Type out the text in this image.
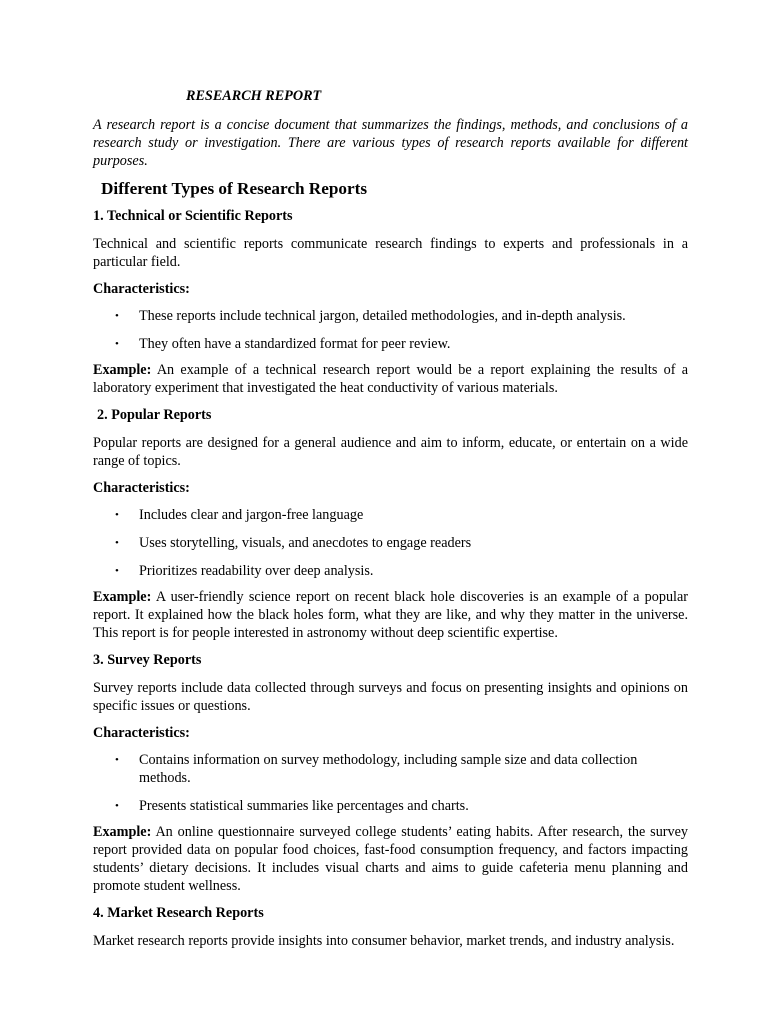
RESEARCH REPORT

A research report is a concise document that summarizes the findings, methods, and conclusions of a research study or investigation. There are various types of research reports available for different purposes.

Different Types of Research Reports
1. Technical or Scientific Reports

Technical and scientific reports communicate research findings to experts and professionals in a particular field.

Characteristics:
• These reports include technical jargon, detailed methodologies, and in-depth analysis.
• They often have a standardized format for peer review.

Example: An example of a technical research report would be a report explaining the results of a laboratory experiment that investigated the heat conductivity of various materials.

2. Popular Reports

Popular reports are designed for a general audience and aim to inform, educate, or entertain on a wide range of topics.

Characteristics:
• Includes clear and jargon-free language
• Uses storytelling, visuals, and anecdotes to engage readers
• Prioritizes readability over deep analysis.

Example: A user-friendly science report on recent black hole discoveries is an example of a popular report. It explained how the black holes form, what they are like, and why they matter in the universe. This report is for people interested in astronomy without deep scientific expertise.

3. Survey Reports

Survey reports include data collected through surveys and focus on presenting insights and opinions on specific issues or questions.

Characteristics:
• Contains information on survey methodology, including sample size and data collection methods.
• Presents statistical summaries like percentages and charts.

Example: An online questionnaire surveyed college students’ eating habits. After research, the survey report provided data on popular food choices, fast-food consumption frequency, and factors impacting students’ dietary decisions. It includes visual charts and aims to guide cafeteria menu planning and promote student wellness.

4. Market Research Reports

Market research reports provide insights into consumer behavior, market trends, and industry analysis.
